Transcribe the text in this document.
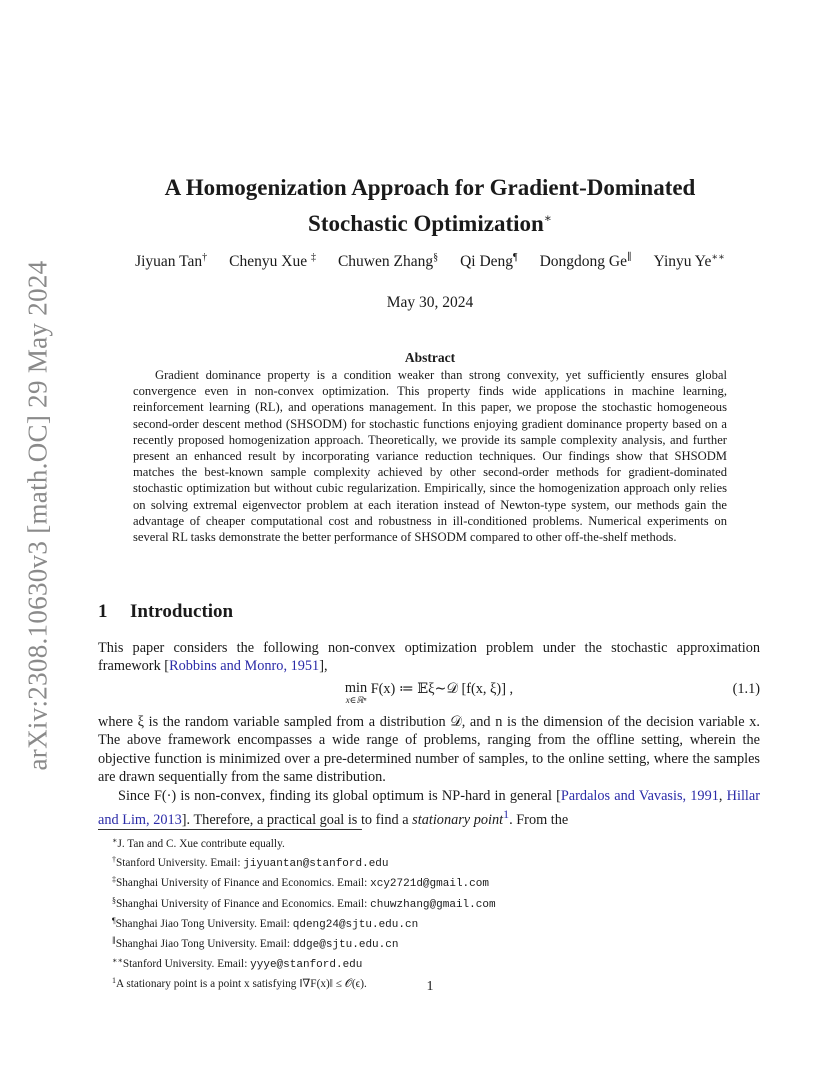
arXiv:2308.10630v3 [math.OC] 29 May 2024
A Homogenization Approach for Gradient-Dominated
Stochastic Optimization∗
Jiyuan Tan† Chenyu Xue ‡ Chuwen Zhang§ Qi Deng¶ Dongdong Ge∥ Yinyu Ye∗∗
May 30, 2024
Abstract

Gradient dominance property is a condition weaker than strong convexity, yet sufficiently ensures global convergence even in non-convex optimization. This property finds wide applications in machine learning, reinforcement learning (RL), and operations management. In this paper, we propose the stochastic homogeneous second-order descent method (SHSODM) for stochastic functions enjoying gradient dominance property based on a recently proposed homogenization approach. Theoretically, we provide its sample complexity analysis, and further present an enhanced result by incorporating variance reduction techniques. Our findings show that SHSODM matches the best-known sample complexity achieved by other second-order methods for gradient-dominated stochastic optimization but without cubic regularization. Empirically, since the homogenization approach only relies on solving extremal eigenvector problem at each iteration instead of Newton-type system, our methods gain the advantage of cheaper computational cost and robustness in ill-conditioned problems. Numerical experiments on several RL tasks demonstrate the better performance of SHSODM compared to other off-the-shelf methods.

1 Introduction

This paper considers the following non-convex optimization problem under the stochastic approximation framework [Robbins and Monro, 1951],

min
x∈ℝⁿ
F(x) ≔ 𝔼ξ∼𝒟 [f(x, ξ)] ,	(1.1)

where ξ is the random variable sampled from a distribution 𝒟, and n is the dimension of the decision variable x. The above framework encompasses a wide range of problems, ranging from the offline setting, wherein the objective function is minimized over a pre-determined number of samples, to the online setting, where the samples are drawn sequentially from the same distribution.

Since F(·) is non-convex, finding its global optimum is NP-hard in general [Pardalos and Vavasis, 1991, Hillar and Lim, 2013]. Therefore, a practical goal is to find a stationary point$^1$. From the

∗J. Tan and C. Xue contribute equally.
†Stanford University. Email: jiyuantan@stanford.edu
‡Shanghai University of Finance and Economics. Email: xcy2721d@gmail.com
§Shanghai University of Finance and Economics. Email: chuwzhang@gmail.com
¶Shanghai Jiao Tong University. Email: qdeng24@sjtu.edu.cn
∥Shanghai Jiao Tong University. Email: ddge@sjtu.edu.cn
∗∗Stanford University. Email: yyye@stanford.edu
$^1$A stationary point is a point x satisfying ‖∇F(x)‖ ≤ 𝒪(ϵ).	1
